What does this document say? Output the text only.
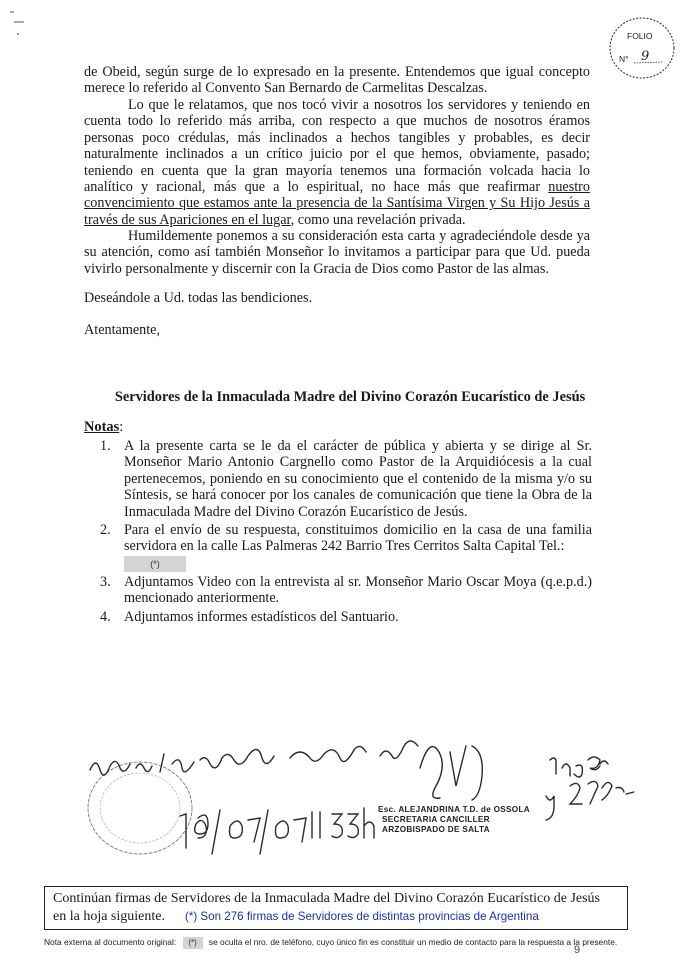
FOLIO
N° 9
de Obeid, según surge de lo expresado en la presente. Entendemos que igual concepto merece lo referido al Convento San Bernardo de Carmelitas Descalzas.
Lo que le relatamos, que nos tocó vivir a nosotros los servidores y teniendo en cuenta todo lo referido más arriba, con respecto a que muchos de nosotros éramos personas poco crédulas, más inclinados a hechos tangibles y probables, es decir naturalmente inclinados a un crítico juicio por el que hemos, obviamente, pasado; teniendo en cuenta que la gran mayoría tenemos una formación volcada hacia lo analítico y racional, más que a lo espiritual, no hace más que reafirmar nuestro convencimiento que estamos ante la presencia de la Santísima Virgen y Su Hijo Jesús a través de sus Apariciones en el lugar, como una revelación privada.
Humildemente ponemos a su consideración esta carta y agradeciéndole desde ya su atención, como así también Monseñor lo invitamos a participar para que Ud. pueda vivirlo personalmente y discernir con la Gracia de Dios como Pastor de las almas.
Deseándole a Ud. todas las bendiciones.
Atentamente,
Servidores de la Inmaculada Madre del Divino Corazón Eucarístico de Jesús
Notas:
1. A la presente carta se le da el carácter de pública y abierta y se dirige al Sr. Monseñor Mario Antonio Cargnello como Pastor de la Arquidiócesis a la cual pertenecemos, poniendo en su conocimiento que el contenido de la misma y/o su Síntesis, se hará conocer por los canales de comunicación que tiene la Obra de la Inmaculada Madre del Divino Corazón Eucarístico de Jesús.
2. Para el envío de su respuesta, constituimos domicilio en la casa de una familia servidora en la calle Las Palmeras 242 Barrio Tres Cerritos Salta Capital Tel.:
(*)
3. Adjuntamos Video con la entrevista al sr. Monseñor Mario Oscar Moya (q.e.p.d.) mencionado anteriormente.
4. Adjuntamos informes estadísticos del Santuario.
Esc. ALEJANDRINA T.D. de OSSOLA
SECRETARIA CANCILLER
ARZOBISPADO DE SALTA
Continúan firmas de Servidores de la Inmaculada Madre del Divino Corazón Eucarístico de Jesús
en la hoja siguiente. (*) Son 276 firmas de Servidores de distintas provincias de Argentina
Nota externa al documento original: (*) se oculta el nro. de teléfono, cuyo único fin es constituir un medio de contacto para la respuesta a la presente.
9
